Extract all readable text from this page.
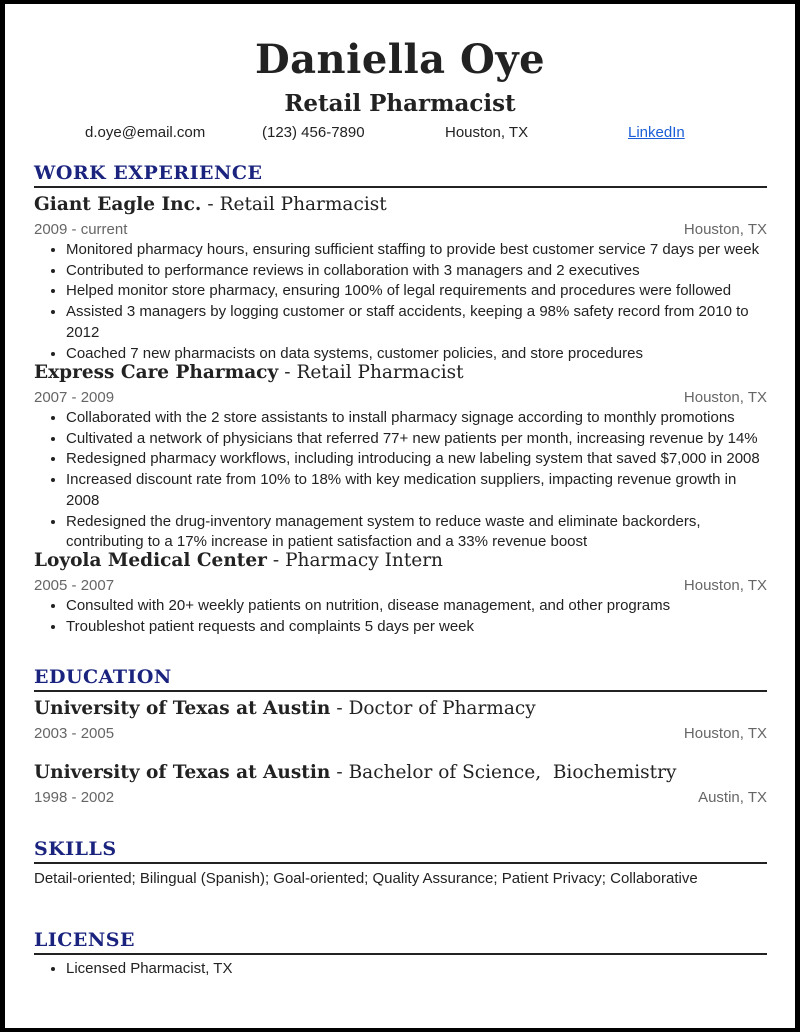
Daniella Oye
Retail Pharmacist
d.oye@email.com	(123) 456-7890	Houston, TX	LinkedIn
WORK EXPERIENCE
Giant Eagle Inc. - Retail Pharmacist
2009 - current	Houston, TX
• Monitored pharmacy hours, ensuring sufficient staffing to provide best customer service 7 days per week
• Contributed to performance reviews in collaboration with 3 managers and 2 executives
• Helped monitor store pharmacy, ensuring 100% of legal requirements and procedures were followed
• Assisted 3 managers by logging customer or staff accidents, keeping a 98% safety record from 2010 to 2012
• Coached 7 new pharmacists on data systems, customer policies, and store procedures
Express Care Pharmacy - Retail Pharmacist
2007 - 2009	Houston, TX
• Collaborated with the 2 store assistants to install pharmacy signage according to monthly promotions
• Cultivated a network of physicians that referred 77+ new patients per month, increasing revenue by 14%
• Redesigned pharmacy workflows, including introducing a new labeling system that saved $7,000 in 2008
• Increased discount rate from 10% to 18% with key medication suppliers, impacting revenue growth in 2008
• Redesigned the drug-inventory management system to reduce waste and eliminate backorders, contributing to a 17% increase in patient satisfaction and a 33% revenue boost
Loyola Medical Center - Pharmacy Intern
2005 - 2007	Houston, TX
• Consulted with 20+ weekly patients on nutrition, disease management, and other programs
• Troubleshot patient requests and complaints 5 days per week
EDUCATION
University of Texas at Austin - Doctor of Pharmacy
2003 - 2005	Houston, TX
University of Texas at Austin - Bachelor of Science,  Biochemistry
1998 - 2002	Austin, TX
SKILLS
Detail-oriented; Bilingual (Spanish); Goal-oriented; Quality Assurance; Patient Privacy; Collaborative
LICENSE
• Licensed Pharmacist, TX
